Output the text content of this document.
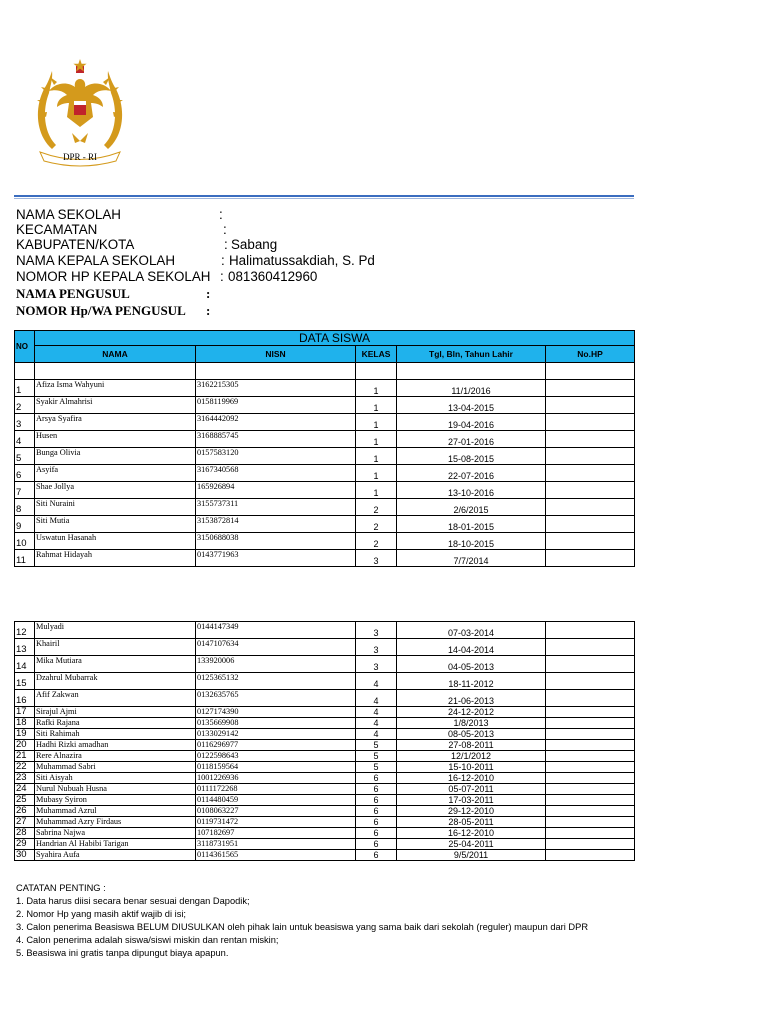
DPR - RI
NAMA SEKOLAH	:
KECAMATAN	:
KABUPATEN/KOTA	: Sabang
NAMA KEPALA SEKOLAH	: Halimatussakdiah, S. Pd
NOMOR HP KEPALA SEKOLAH : 081360412960
NAMA PENGUSUL	:
NOMOR Hp/WA PENGUSUL :
NO	DATA SISWA				
	NAMA	NISN	KELAS	Tgl, Bln, Tahun Lahir	No.HP

1	Afiza Isma Wahyuni	3162215305	1	11/1/2016	
2	Syakir Almahrisi	0158119969	1	13-04-2015	
3	Arsya Syafira	3164442092	1	19-04-2016	
4	Husen	3168885745	1	27-01-2016	
5	Bunga Olivia	0157583120	1	15-08-2015	
6	Asyifa	3167340568	1	22-07-2016	
7	Shae Jollya	165926894	1	13-10-2016	
8	Siti Nuraini	3155737311	2	2/6/2015	
9	Siti Mutia	3153872814	2	18-01-2015	
10	Uswatun Hasanah	3150688038	2	18-10-2015	
11	Rahmat Hidayah	0143771963	3	7/7/2014	
12	Mulyadi	0144147349	3	07-03-2014	
13	Khairil	0147107634	3	14-04-2014	
14	Mika Mutiara	133920006	3	04-05-2013	
15	Dzahrul Mubarrak	0125365132	4	18-11-2012	
16	Afif Zakwan	0132635765	4	21-06-2013	
17	Sirajul Ajmi	0127174390	4	24-12-2012	
18	Rafki Rajana	0135669908	4	1/8/2013	
19	Siti Rahimah	0133029142	4	08-05-2013	
20	Hadhi Rizki amadhan	0116296977	5	27-08-2011	
21	Rere Alnazira	0122598643	5	12/1/2012	
22	Muhammad Sabri	0118159564	5	15-10-2011	
23	Siti Aisyah	1001226936	6	16-12-2010	
24	Nurul Nubuah Husna	0111172268	6	05-07-2011	
25	Mubasy Syiron	0114480459	6	17-03-2011	
26	Muhammad Azrul	0108063227	6	29-12-2010	
27	Muhammad Azry Firdaus	0119731472	6	28-05-2011	
28	Sabrina Najwa	107182697	6	16-12-2010	
29	Handrian Al Habibi Tarigan	3118731951	6	25-04-2011	
30	Syahira Aufa	0114361565	6	9/5/2011	
CATATAN PENTING :
1. Data harus diisi secara benar sesuai dengan Dapodik;
2. Nomor Hp yang masih aktif wajib di isi;
3. Calon penerima Beasiswa BELUM DIUSULKAN oleh pihak lain untuk beasiswa yang sama baik dari sekolah (reguler) maupun dari DPR
4. Calon penerima adalah siswa/siswi miskin dan rentan miskin;
5. Beasiswa ini gratis tanpa dipungut biaya apapun.
